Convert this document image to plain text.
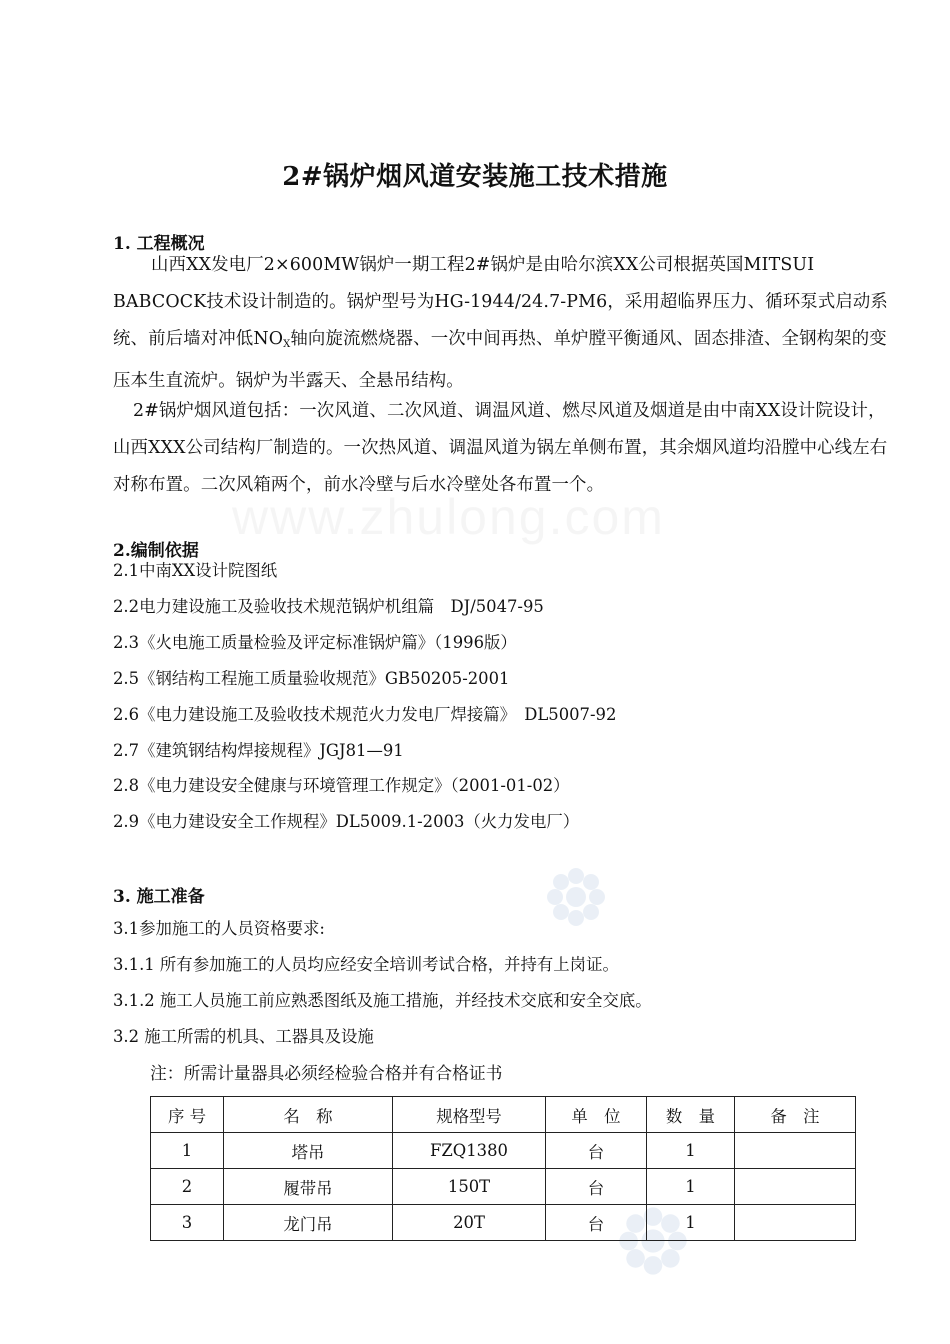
2#锅炉烟风道安装施工技术措施
1. 工程概况
山西XX发电厂2×600MW锅炉一期工程2#锅炉是由哈尔滨XX公司根据英国MITSUI BABCOCK技术设计制造的。锅炉型号为HG-1944/24.7-PM6，采用超临界压力、循环泵式启动系统、前后墙对冲低$NO_X$轴向旋流燃烧器、一次中间再热、单炉膛平衡通风、固态排渣、全钢构架的变压本生直流炉。锅炉为半露天、全悬吊结构。
2#锅炉烟风道包括：一次风道、二次风道、调温风道、燃尽风道及烟道是由中南XX设计院设计，山西XXX公司结构厂制造的。一次热风道、调温风道为锅左单侧布置，其余烟风道均沿膛中心线左右对称布置。二次风箱两个，前水冷壁与后水冷壁处各布置一个。
2.编制依据
2.1中南XX设计院图纸
2.2电力建设施工及验收技术规范锅炉机组篇　DJ/5047-95
2.3《火电施工质量检验及评定标准锅炉篇》（1996版）
2.5《钢结构工程施工质量验收规范》GB50205-2001
2.6《电力建设施工及验收技术规范火力发电厂焊接篇》　DL5007-92
2.7《建筑钢结构焊接规程》JGJ81—91
2.8《电力建设安全健康与环境管理工作规定》（2001-01-02）
2.9《电力建设安全工作规程》DL5009.1-2003（火力发电厂）
3. 施工准备
3.1参加施工的人员资格要求:
3.1.1 所有参加施工的人员均应经安全培训考试合格，并持有上岗证。
3.1.2 施工人员施工前应熟悉图纸及施工措施，并经技术交底和安全交底。
3.2 施工所需的机具、工器具及设施
注：所需计量器具必须经检验合格并有合格证书
序 号	名　称	规格型号	单　位	数　量	备　注
1	塔吊	FZQ1380	台	1	
2	履带吊	150T	台	1	
3	龙门吊	20T	台	1	
